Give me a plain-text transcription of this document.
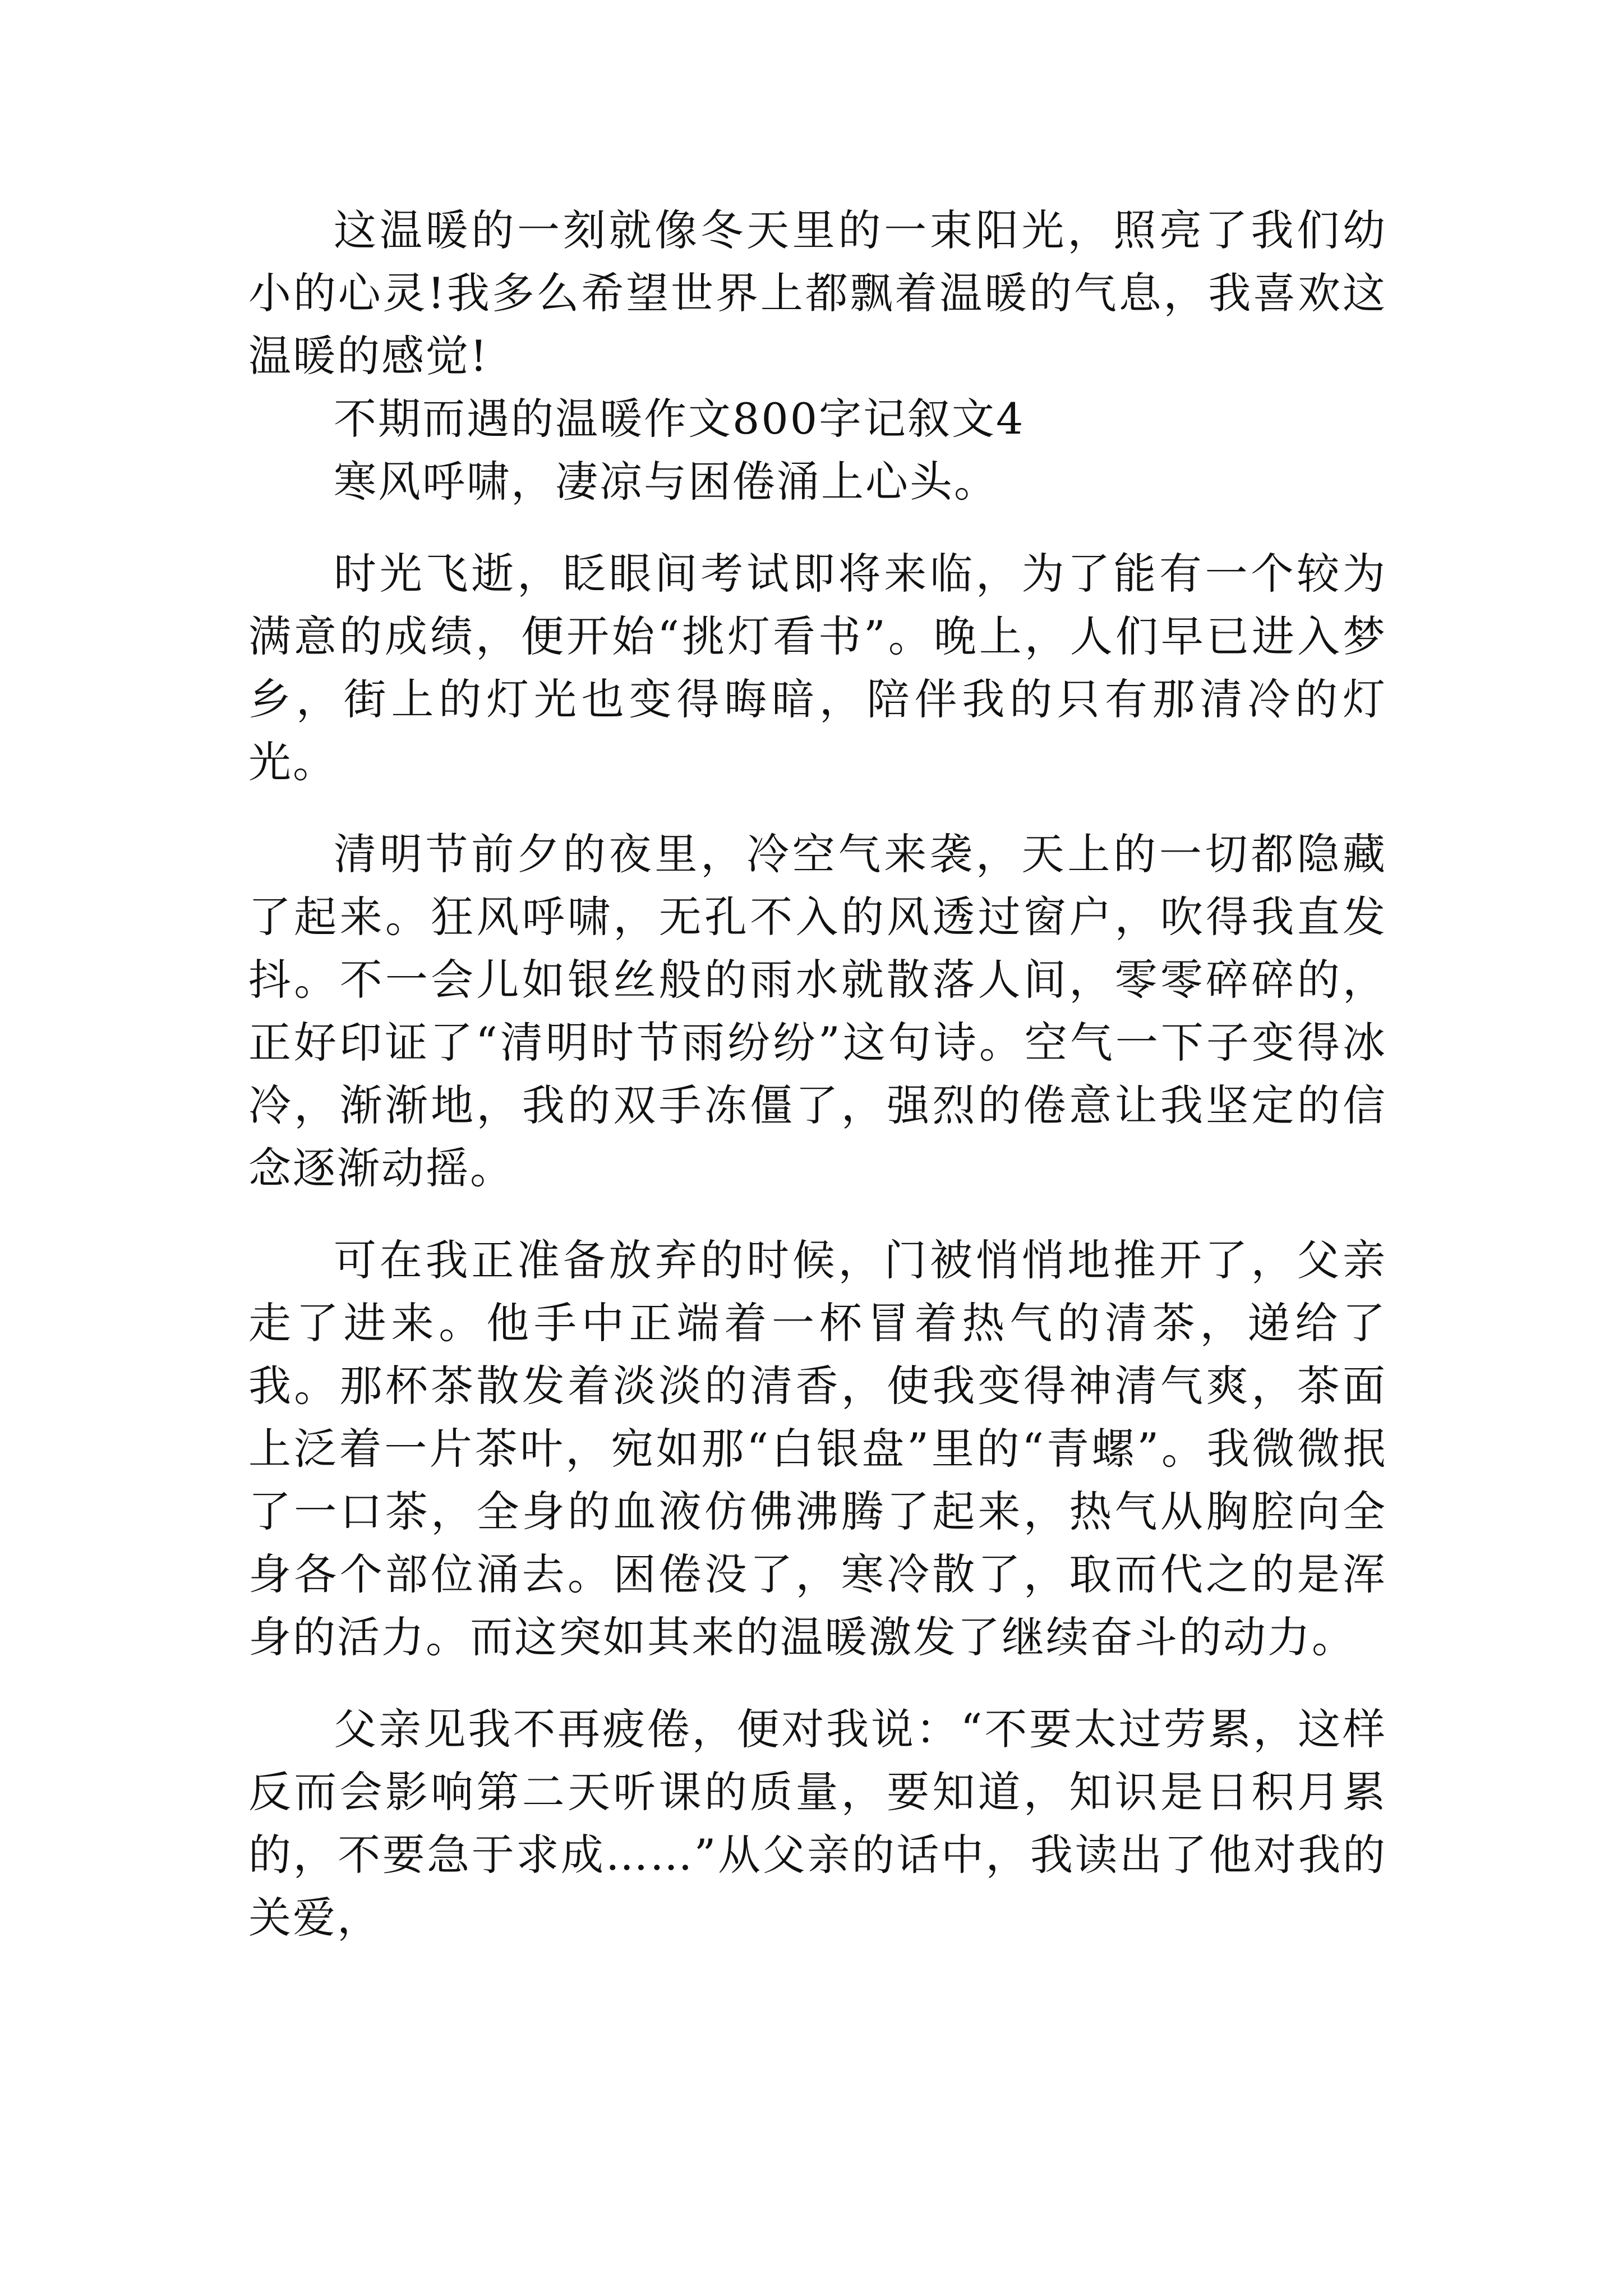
这温暖的一刻就像冬天里的一束阳光，照亮了我们幼小的心灵!我多么希望世界上都飘着温暖的气息，我喜欢这温暖的感觉!

不期而遇的温暖作文800字记叙文4

寒风呼啸，凄凉与困倦涌上心头。

时光飞逝，眨眼间考试即将来临，为了能有一个较为满意的成绩，便开始“挑灯看书”。晚上，人们早已进入梦乡，街上的灯光也变得晦暗，陪伴我的只有那清冷的灯光。

清明节前夕的夜里，冷空气来袭，天上的一切都隐藏了起来。狂风呼啸，无孔不入的风透过窗户，吹得我直发抖。不一会儿如银丝般的雨水就散落人间，零零碎碎的，正好印证了“清明时节雨纷纷”这句诗。空气一下子变得冰冷，渐渐地，我的双手冻僵了，强烈的倦意让我坚定的信念逐渐动摇。

可在我正准备放弃的时候，门被悄悄地推开了，父亲走了进来。他手中正端着一杯冒着热气的清茶，递给了我。那杯茶散发着淡淡的清香，使我变得神清气爽，茶面上泛着一片茶叶，宛如那“白银盘”里的“青螺”。我微微抿了一口茶，全身的血液仿佛沸腾了起来，热气从胸腔向全身各个部位涌去。困倦没了，寒冷散了，取而代之的是浑身的活力。而这突如其来的温暖激发了继续奋斗的动力。

父亲见我不再疲倦，便对我说：“不要太过劳累，这样反而会影响第二天听课的质量，要知道，知识是日积月累的，不要急于求成……”从父亲的话中，我读出了他对我的关爱，
